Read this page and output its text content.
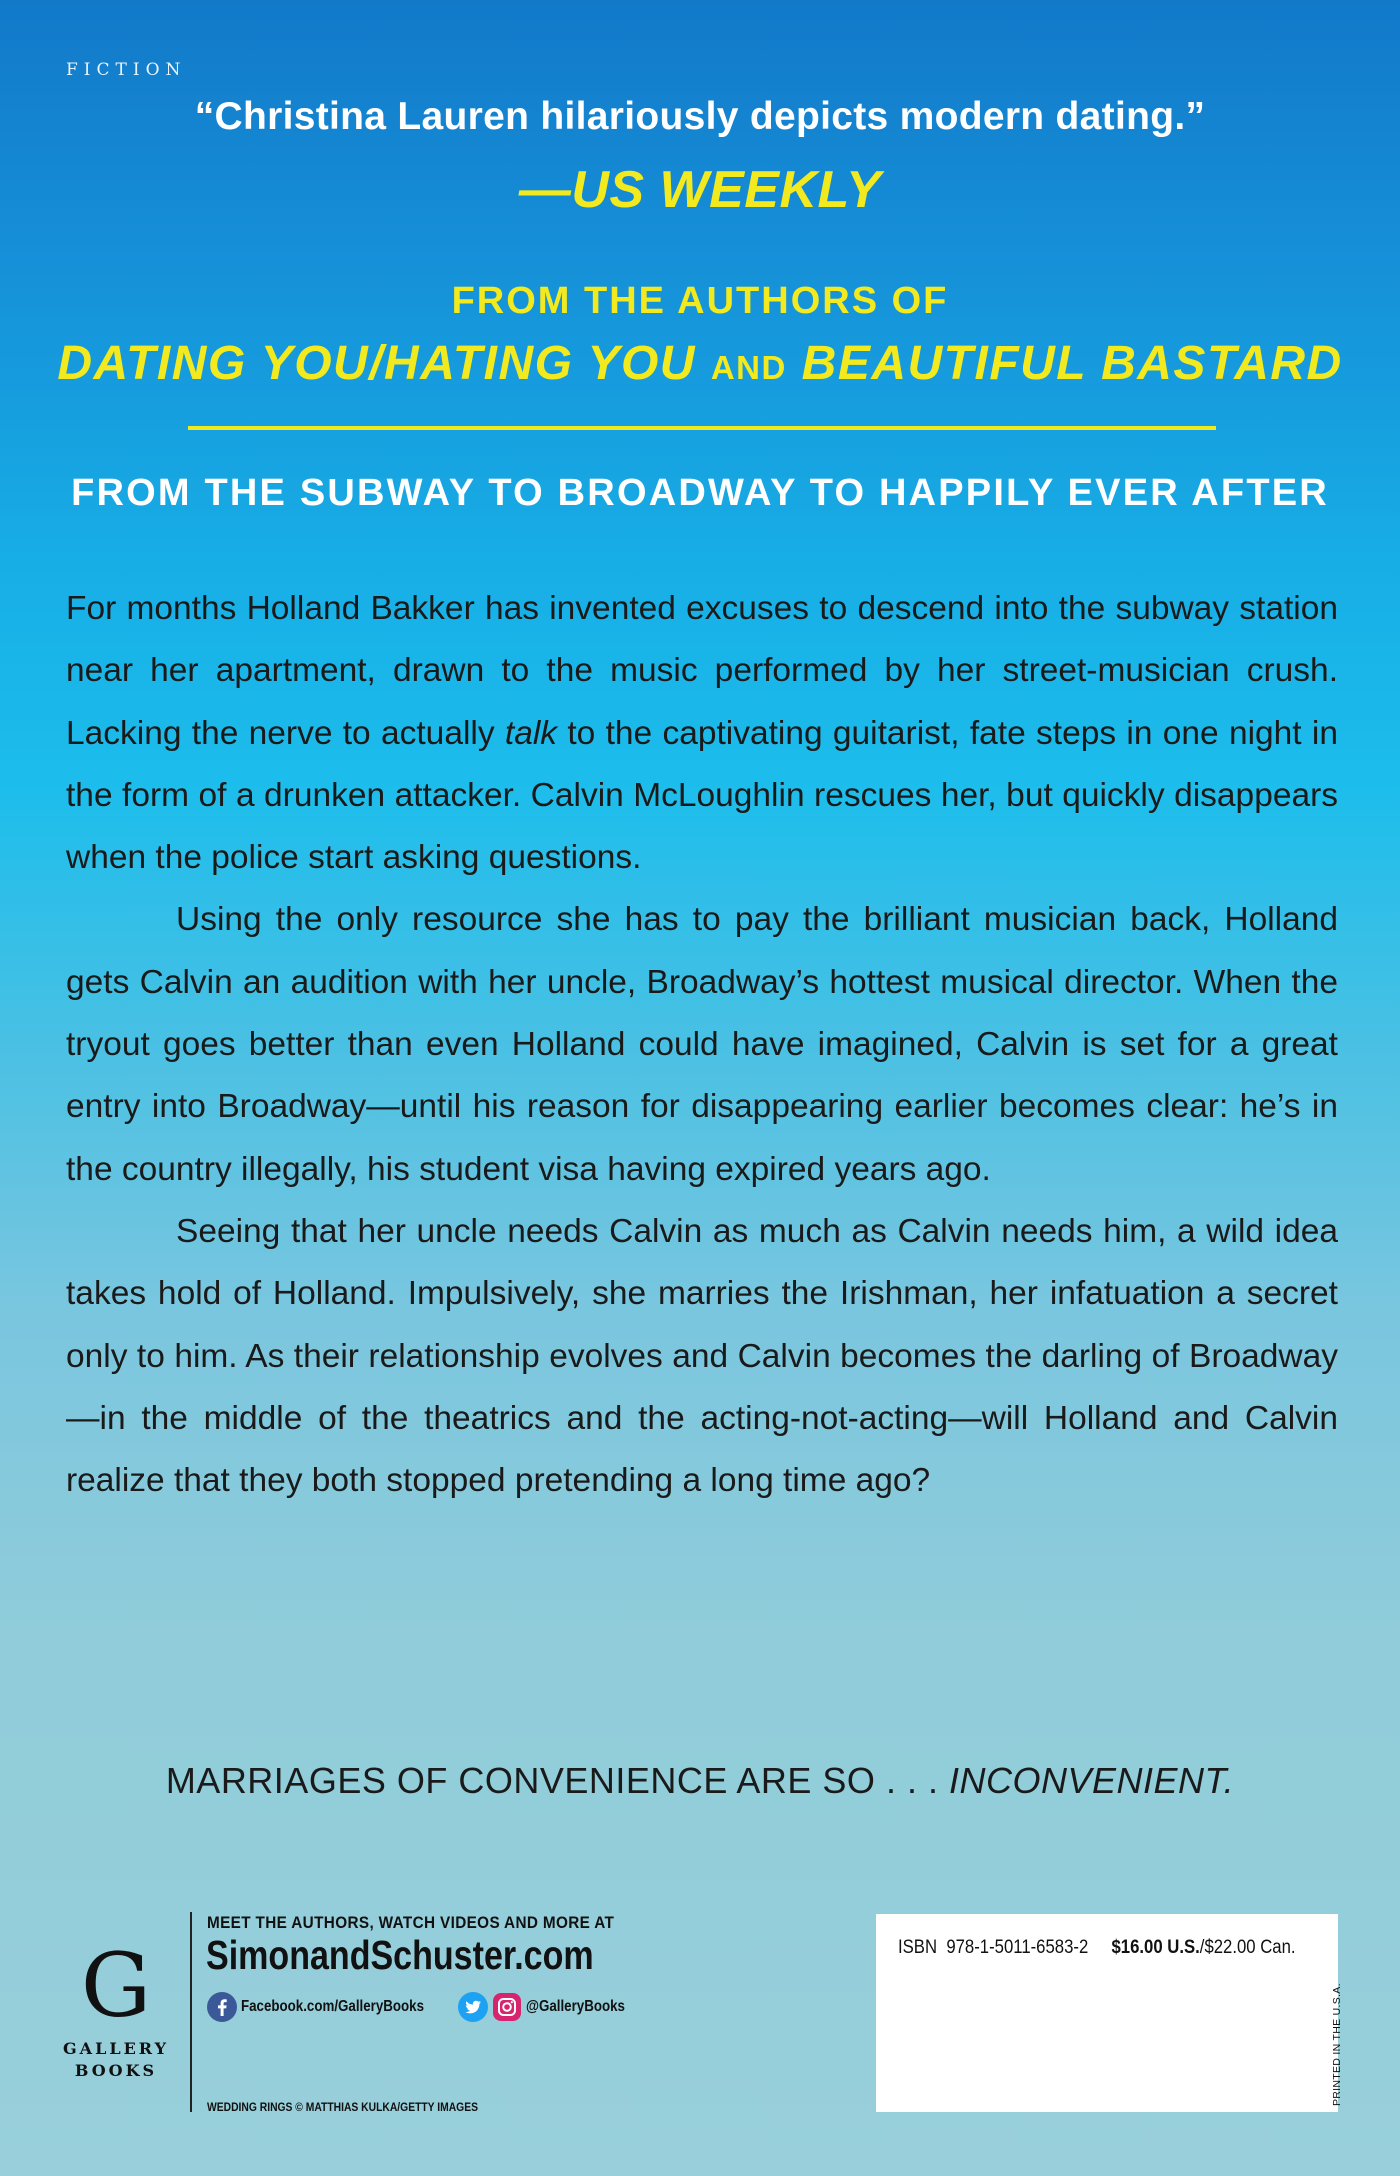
FICTION
“Christina Lauren hilariously depicts modern dating.”
—US WEEKLY
FROM THE AUTHORS OF
DATING YOU/HATING YOU AND BEAUTIFUL BASTARD
FROM THE SUBWAY TO BROADWAY TO HAPPILY EVER AFTER

For months Holland Bakker has invented excuses to descend into the subway station near her apartment, drawn to the music performed by her street-musician crush. Lacking the nerve to actually talk to the captivating guitarist, fate steps in one night in the form of a drunken attacker. Calvin McLoughlin rescues her, but quickly disappears when the police start asking questions.

Using the only resource she has to pay the brilliant musician back, Holland gets Calvin an audition with her uncle, Broadway’s hottest musical director. When the tryout goes better than even Holland could have imagined, Calvin is set for a great entry into Broadway—until his reason for disappearing earlier becomes clear: he’s in the country illegally, his student visa having expired years ago.

Seeing that her uncle needs Calvin as much as Calvin needs him, a wild idea takes hold of Holland. Impulsively, she marries the Irishman, her infatuation a secret only to him. As their relationship evolves and Calvin becomes the darling of Broadway—in the middle of the theatrics and the acting-not-acting—will Holland and Calvin realize that they both stopped pretending a long time ago?

MARRIAGES OF CONVENIENCE ARE SO . . . INCONVENIENT.
G
GALLERY
BOOKS
MEET THE AUTHORS, WATCH VIDEOS AND MORE AT
SimonandSchuster.com
Facebook.com/GalleryBooks	@GalleryBooks
WEDDING RINGS © MATTHIAS KULKA/GETTY IMAGES
ISBN 978-1-5011-6583-2 $16.00 U.S./$22.00 Can.
PRINTED IN THE U.S.A.
